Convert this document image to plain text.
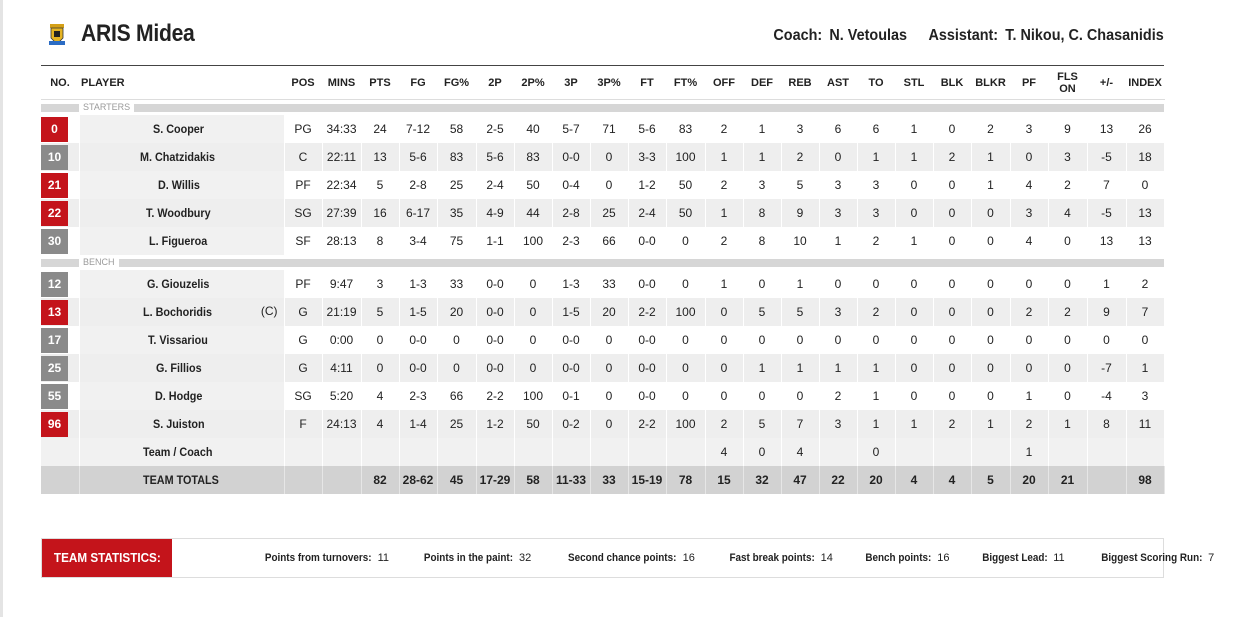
ARIS Midea	Coach: N. Vetoulas Assistant: T. Nikou, C. Chasanidis
NO.	PLAYER	POS	MINS	PTS	FG	FG%	2P	2P%	3P	3P%	FT	FT%	OFF	DEF	REB	AST	TO	STL	BLK	BLKR	PF	FLS ON	+/-	INDEX

STARTERS																								

0	S. Cooper	PG	34:33	24	7-12	58	2-5	40	5-7	71	5-6	83	2	1	3	6	6	1	0	2	3	9	13	26

10	M. Chatzidakis	C	22:11	13	5-6	83	5-6	83	0-0	0	3-3	100	1	1	2	0	1	1	2	1	0	3	-5	18

21	D. Willis	PF	22:34	5	2-8	25	2-4	50	0-4	0	1-2	50	2	3	5	3	3	0	0	1	4	2	7	0

22	T. Woodbury	SG	27:39	16	6-17	35	4-9	44	2-8	25	2-4	50	1	8	9	3	3	0	0	0	3	4	-5	13

30	L. Figueroa	SF	28:13	8	3-4	75	1-1	100	2-3	66	0-0	0	2	8	10	1	2	1	0	0	4	0	13	13

BENCH																								

12	G. Giouzelis	PF	9:47	3	1-3	33	0-0	0	1-3	33	0-0	0	1	0	1	0	0	0	0	0	0	0	1	2

13	L. Bochoridis (C)	G	21:19	5	1-5	20	0-0	0	1-5	20	2-2	100	0	5	5	3	2	0	0	0	2	2	9	7

17	T. Vissariou	G	0:00	0	0-0	0	0-0	0	0-0	0	0-0	0	0	0	0	0	0	0	0	0	0	0	0	0

25	G. Fillios	G	4:11	0	0-0	0	0-0	0	0-0	0	0-0	0	0	1	1	1	1	0	0	0	0	0	-7	1

55	D. Hodge	SG	5:20	4	2-3	66	2-2	100	0-1	0	0-0	0	0	0	0	2	1	0	0	0	1	0	-4	3

96	S. Juiston	F	24:13	4	1-4	25	1-2	50	0-2	0	2-2	100	2	5	7	3	1	1	2	1	2	1	8	11
	Team / Coach												4	0	4		0				1			
	TEAM TOTALS			82	28-62	45	17-29	58	11-33	33	15-19	78	15	32	47	22	20	4	4	5	20	21		98
TEAM STATISTICS:	Points from turnovers: 11	Points in the paint: 32	Second chance points: 16	Fast break points: 14	Bench points: 16	Biggest Lead: 11	Biggest Scoring Run: 7
